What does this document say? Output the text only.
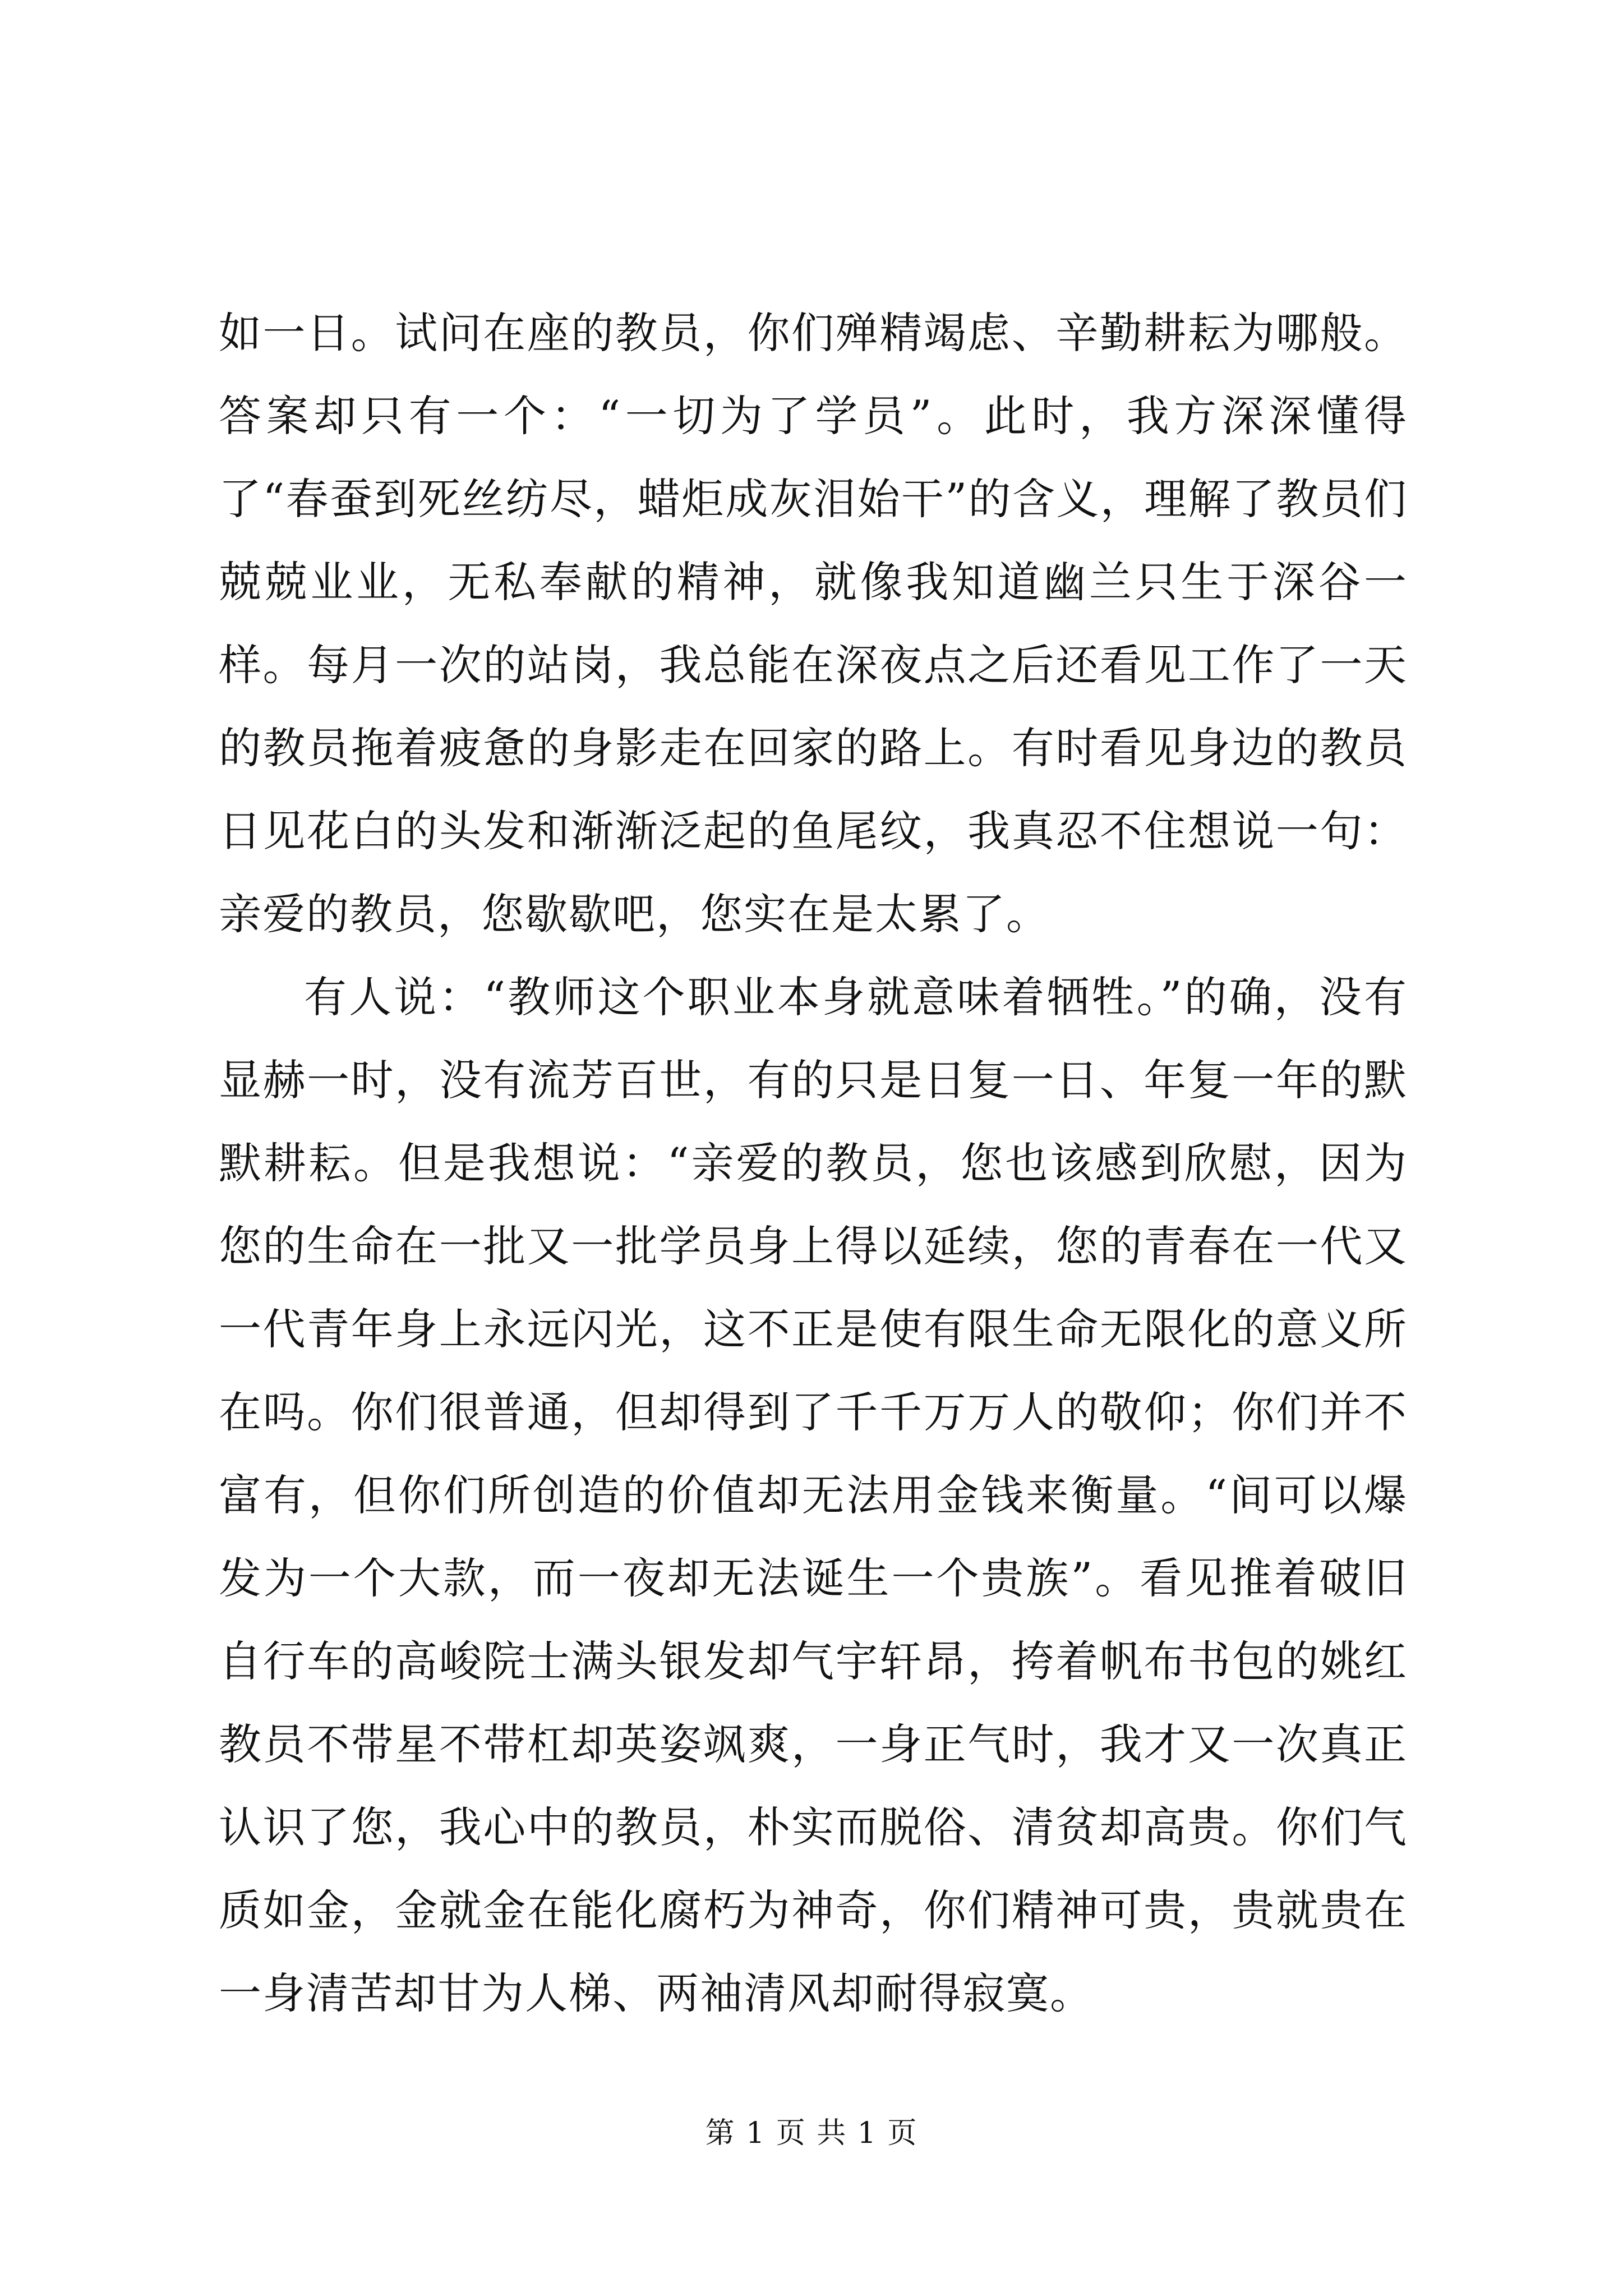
如一日。试问在座的教员，你们殚精竭虑、辛勤耕耘为哪般。答案却只有一个：“一切为了学员”。此时，我方深深懂得了“春蚕到死丝纺尽，蜡炬成灰泪始干”的含义，理解了教员们兢兢业业，无私奉献的精神，就像我知道幽兰只生于深谷一样。每月一次的站岗，我总能在深夜点之后还看见工作了一天的教员拖着疲惫的身影走在回家的路上。有时看见身边的教员日见花白的头发和渐渐泛起的鱼尾纹，我真忍不住想说一句：亲爱的教员，您歇歇吧，您实在是太累了。

有人说：“教师这个职业本身就意味着牺牲。”的确，没有显赫一时，没有流芳百世，有的只是日复一日、年复一年的默默耕耘。但是我想说：“亲爱的教员，您也该感到欣慰，因为您的生命在一批又一批学员身上得以延续，您的青春在一代又一代青年身上永远闪光，这不正是使有限生命无限化的意义所在吗。你们很普通，但却得到了千千万万人的敬仰；你们并不富有，但你们所创造的价值却无法用金钱来衡量。“间可以爆发为一个大款，而一夜却无法诞生一个贵族”。看见推着破旧自行车的高峻院士满头银发却气宇轩昂，挎着帆布书包的姚红教员不带星不带杠却英姿飒爽，一身正气时，我才又一次真正认识了您，我心中的教员，朴实而脱俗、清贫却高贵。你们气质如金，金就金在能化腐朽为神奇，你们精神可贵，贵就贵在一身清苦却甘为人梯、两袖清风却耐得寂寞。

第 1 页 共 1 页
